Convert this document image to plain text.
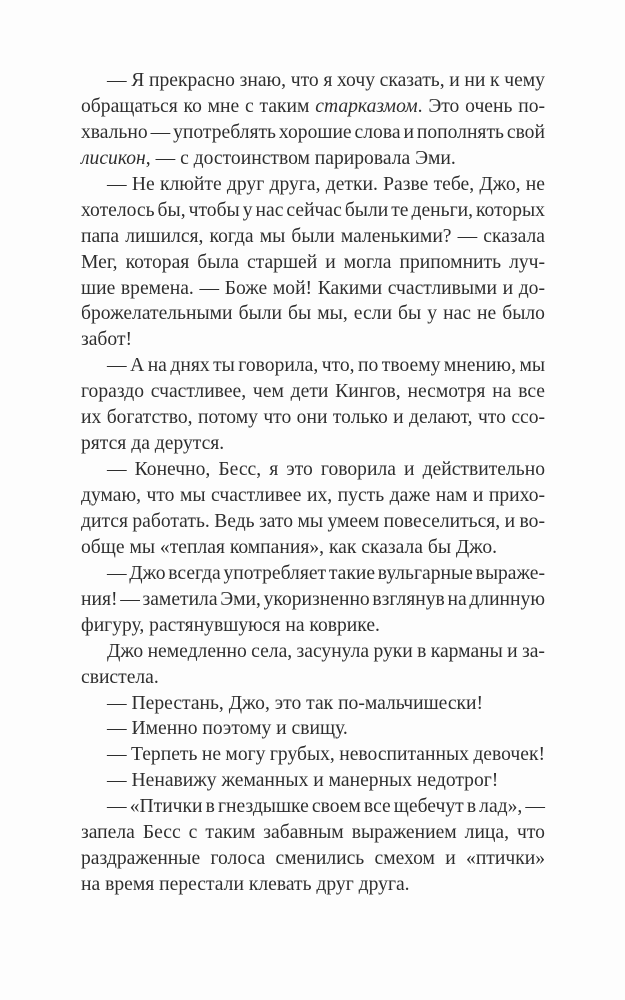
— Я прекрасно знаю, что я хочу сказать, и ни к чему
обращаться ко мне с таким старказмом. Это очень по-
хвально — употреблять хорошие слова и пополнять свой
лисикон, — с достоинством парировала Эми.
— Не клюйте друг друга, детки. Разве тебе, Джо, не
хотелось бы, чтобы у нас сейчас были те деньги, которых
папа лишился, когда мы были маленькими? — сказала
Мег, которая была старшей и могла припомнить луч-
шие времена. — Боже мой! Какими счастливыми и до-
брожелательными были бы мы, если бы у нас не было
забот!
— А на днях ты говорила, что, по твоему мнению, мы
гораздо счастливее, чем дети Кингов, несмотря на все
их богатство, потому что они только и делают, что ссо-
рятся да дерутся.
— Конечно, Бесс, я это говорила и действительно
думаю, что мы счастливее их, пусть даже нам и прихо-
дится работать. Ведь зато мы умеем повеселиться, и во-
обще мы «теплая компания», как сказала бы Джо.
— Джо всегда употребляет такие вульгарные выраже-
ния! — заметила Эми, укоризненно взглянув на длинную
фигуру, растянувшуюся на коврике.
Джо немедленно села, засунула руки в карманы и за-
свистела.
— Перестань, Джо, это так по-мальчишески!
— Именно поэтому и свищу.
— Терпеть не могу грубых, невоспитанных девочек!
— Ненавижу жеманных и манерных недотрог!
— «Птички в гнездышке своем все щебечут в лад», —
запела Бесс с таким забавным выражением лица, что
раздраженные голоса сменились смехом и «птички»
на время перестали клевать друг друга.
